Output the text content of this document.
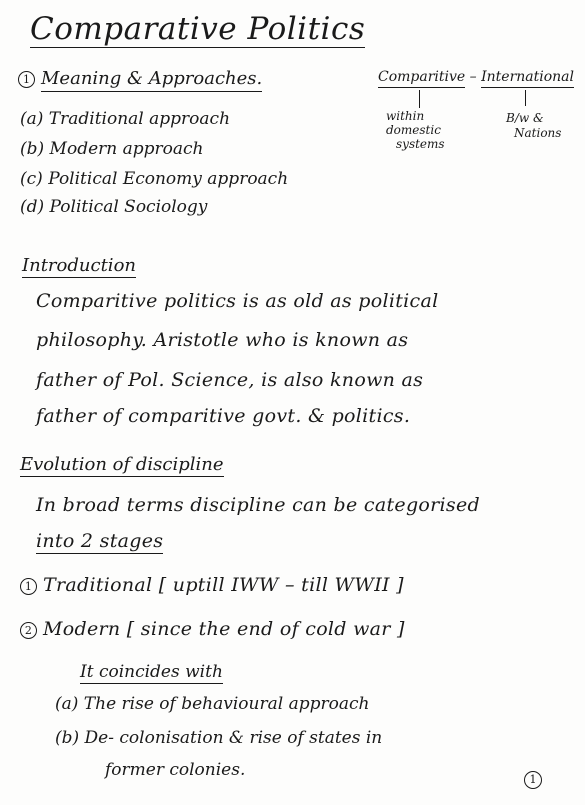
Comparative Politics
1 Meaning & Approaches.
(a) Traditional approach
(b) Modern approach
(c) Political Economy approach
(d) Political Sociology
Comparitive – International
within
domestic
systems
B/w &
Nations
Introduction
Comparitive politics is as old as political
philosophy. Aristotle who is known as
father of Pol. Science, is also known as
father of comparitive govt. & politics.
Evolution of discipline
In broad terms discipline can be categorised
into 2 stages
1 Traditional [ uptill IWW – till WWII ]
2 Modern [ since the end of cold war ]
It coincides with
(a) The rise of behavioural approach
(b) De- colonisation & rise of states in
former colonies.	1
